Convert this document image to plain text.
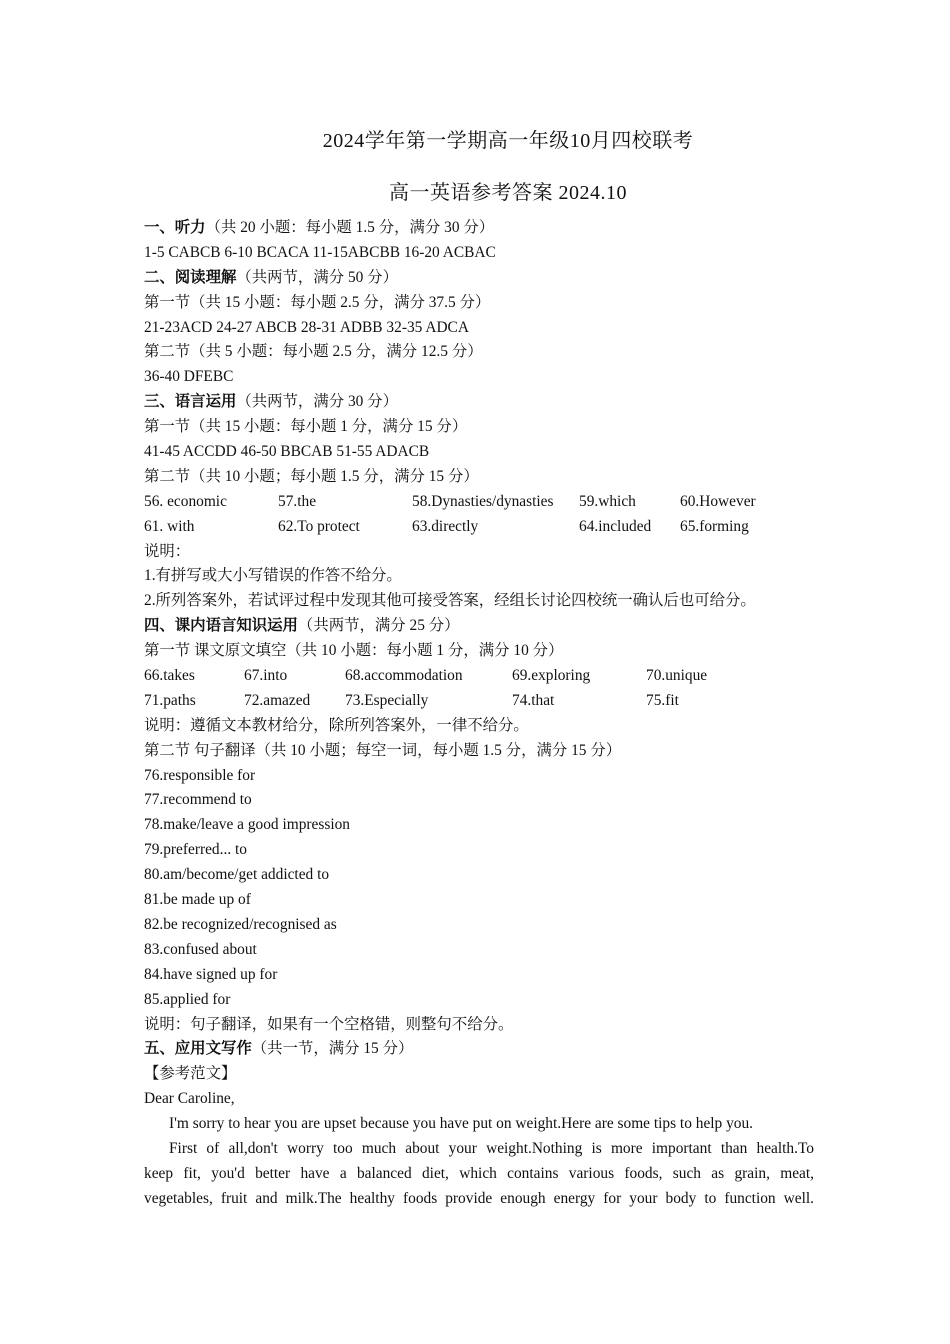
2024学年第一学期高一年级10月四校联考
高一英语参考答案 2024.10
一、听力（共 20 小题：每小题 1.5 分，满分 30 分）
1-5 CABCB 6-10 BCACA 11-15ABCBB 16-20 ACBAC
二、阅读理解（共两节，满分 50 分）
第一节（共 15 小题：每小题 2.5 分，满分 37.5 分）
21-23ACD 24-27 ABCB 28-31 ADBB 32-35 ADCA
第二节（共 5 小题：每小题 2.5 分，满分 12.5 分）
36-40 DFEBC
三、语言运用（共两节，满分 30 分）
第一节（共 15 小题：每小题 1 分，满分 15 分）
41-45 ACCDD 46-50 BBCAB 51-55 ADACB
第二节（共 10 小题；每小题 1.5 分，满分 15 分）
56. economic	57.the	58.Dynasties/dynasties 59.which	60.However
61. with	62.To protect	63.directly	64.included 65.forming
说明：
1.有拼写或大小写错误的作答不给分。
2.所列答案外，若试评过程中发现其他可接受答案，经组长讨论四校统一确认后也可给分。
四、课内语言知识运用（共两节，满分 25 分）
第一节 课文原文填空（共 10 小题：每小题 1 分，满分 10 分）
66.takes	67.into	68.accommodation	69.exploring	70.unique
71.paths	72.amazed 73.Especially	74.that	75.fit
说明：遵循文本教材给分，除所列答案外，一律不给分。
第二节 句子翻译（共 10 小题；每空一词，每小题 1.5 分，满分 15 分）
76.responsible for
77.recommend to
78.make/leave a good impression
79.preferred... to
80.am/become/get addicted to
81.be made up of
82.be recognized/recognised as
83.confused about
84.have signed up for
85.applied for
说明：句子翻译，如果有一个空格错，则整句不给分。
五、应用文写作（共一节，满分 15 分）
【参考范文】
Dear Caroline,
I'm sorry to hear you are upset because you have put on weight.Here are some tips to help you.
First of all,don't worry too much about your weight.Nothing is more important than health.To
keep fit, you'd better have a balanced diet, which contains various foods, such as grain, meat,
vegetables, fruit and milk.The healthy foods provide enough energy for your body to function well.
